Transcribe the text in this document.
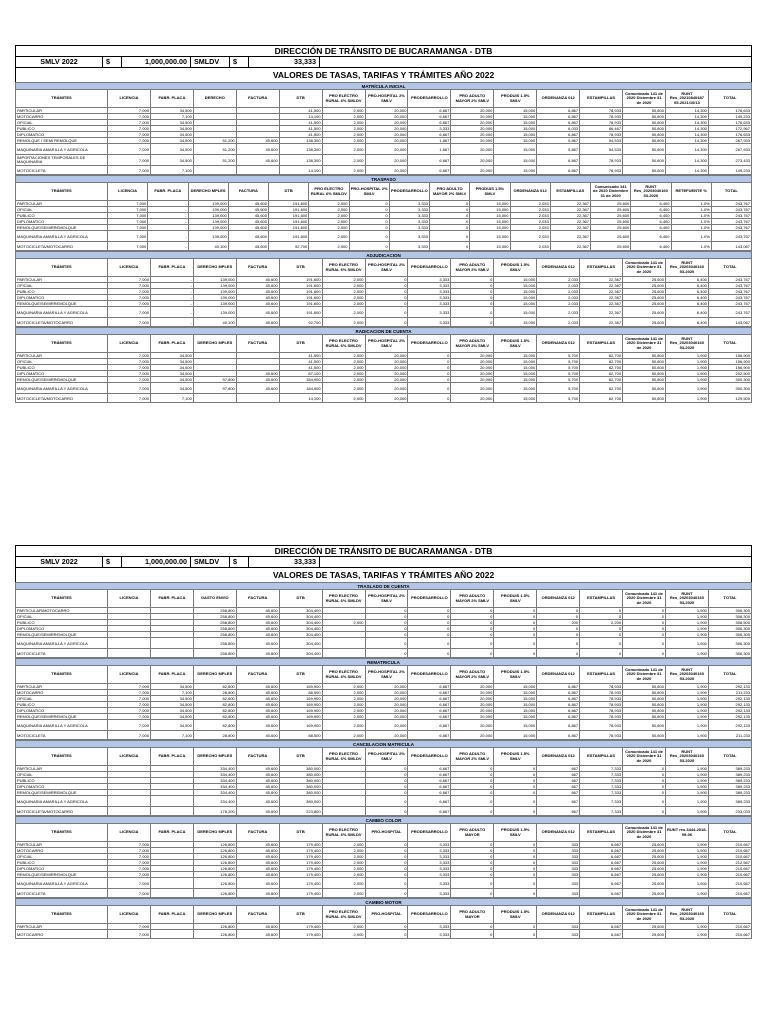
DIRECCIÓN DE TRÁNSITO DE BUCARAMANGA - DTB
SMLV 2022	$	1,000,000.00 SMLDV	$	33,333
VALORES DE TASAS, TARIFAS Y TRÁMITES AÑO 2022
MATRÍCULA INICIAL															
TRÁMITES	LICENCIA	FABR. PLACA	DERECHO	FACTURA	DTB	PRO ELECTRO RURAL 6% SMLDV	PRO-HOSPITAL 2% SMLV	PRODESARROLLO	PRO ADULTO MAYOR 2% SMLV	PRODUIS 1.5% SMLV	ORDENANZA 012	ESTAMPILLAS	Comunicado 141 de 2020 Diciembre 31 de 2020	RUNT Res_20210840487 05-2021/10/13	TOTAL
PARTICULAR	7,000	34,500			41,500	2,000	20,000	6,667	20,000	15,000	6,867	78,933	50,800	14,300	176,633
MOTOCARRO	7,000	7,100			14,100	2,000	20,000	6,667	20,000	15,000	6,867	78,933	50,800	14,300	149,233
OFICIAL	7,000	34,500			41,500	2,000	20,000	6,667	20,000	15,000	6,867	78,933	50,800	14,300	176,633
PUBLICO	7,000	34,500			41,500	2,000	20,000	3,333	20,000	15,000	6,033	66,467	50,800	14,300	172,967
DIPLOMATICO	7,000	34,500			41,500	2,000	20,000	6,667	20,000	15,000	6,867	78,933	50,800	14,300	176,633
REMOLQUE / SEMI REMOLQUE	7,000	34,500	51,200	45,600	138,300	2,000	20,000	1,667	20,000	15,000	5,867	54,533	50,800	14,300	267,933
MAQUINARIA AMARILLA Y AGRICOLA	7,000	34,500	51,200	45,600	138,300	2,000	20,000	1,667	20,000	15,000	5,867	54,533	50,800	14,300	267,933
IMPORTACIONES TEMPORALES DE MAQUINARIA	7,000	34,500	51,200	45,600	138,300	2,000	20,000	6,667	20,000	15,000	6,867	78,933	50,800	14,300	273,433
MOTOCICLETA	7,000	7,100			14,100	2,000	20,000	6,667	20,000	15,000	6,867	78,933	50,800	14,300	149,233
TRASPASO																
TRÁMITES	LICENCIA	FABR. PLACA	DERECHO MPLES	FACTURA	DTB	PRO ELECTRO RURAL 6% SMLDV	PRO-HOSPITAL 2% SMLV	PRODESARROLLO	PRO ADULTO MAYOR 2% SMLV	PRODUIS 1.5% SMLV	ORDENANZA 012	ESTAMPILLAS	Comunicado 141 de 2020 Diciembre 31 de 2020	RUNT Res_20203040160 53-2020	RETEFUENTE %	TOTAL
PARTICULAR	7,000	-	139,000	45,600	191,600	2,000	0	3,333	0	15,000	2,033	22,367	25,600	6,400	1.0%	243,767
OFICIAL	7,000	-	139,000	45,600	191,600	2,000	0	3,333	0	15,000	2,033	22,367	25,600	6,400	1.0%	243,767
PUBLICO	7,000	-	139,000	45,600	191,600	2,000	0	3,333	0	15,000	2,033	22,367	25,600	6,400	1.0%	243,767
DIPLOMATICO	7,000	-	139,000	45,600	191,600	2,000	0	3,333	0	15,000	2,033	22,367	25,600	6,400	1.0%	243,767
REMOLQUE/SEMIRREMOLQUE	7,000	-	139,000	45,600	191,600	2,000	0	3,333	0	15,000	2,033	22,367	25,600	6,400	1.0%	243,767
MAQUINARIA AMARILLA Y AGRICOLA	7,000	-	139,000	45,600	191,600	2,000	0	3,333	0	15,000	2,033	22,367	25,600	6,400	1.0%	243,767
MOTOCICLETA/MOTOCARRO	7,000	-	40,100	45,600	92,700	2,000	0	3,333	0	15,000	2,033	22,367	25,600	6,400	1.0%	143,067
ADJUDICACION															
TRÁMITES	LICENCIA	FABR. PLACA	DERECHO MPLES	FACTURA	DTB	PRO ELECTRO RURAL 6% SMLDV	PRO-HOSPITAL 2% SMLV	PRODESARROLLO	PRO ADULTO MAYOR 2% SMLV	PRODUIS 1.5% SMLV	ORDENANZA 012	ESTAMPILLAS	Comunicado 141 de 2020 Diciembre 31 de 2020	RUNT Res_20203040160 53-2020	TOTAL
PARTICULAR	7,000	-	139,000	45,600	191,600	2,000	0	3,333	0	15,000	2,033	22,367	25,600	6,400	243,767
OFICIAL	7,000	-	139,000	45,600	191,600	2,000	0	3,333	0	15,000	2,033	22,367	25,600	6,400	243,767
PUBLICO	7,000	-	139,000	45,600	191,600	2,000	0	3,333	0	15,000	2,033	22,367	25,600	6,400	243,767
DIPLOMATICO	7,000	-	139,000	45,600	191,600	2,000	0	3,333	0	15,000	2,033	22,367	25,600	6,400	243,767
REMOLQUE/SEMIRREMOLQUE	7,000	-	139,000	45,600	191,600	2,000	0	3,333	0	15,000	2,033	22,367	25,600	6,400	243,767
MAQUINARIA AMARILLA Y AGRICOLA	7,000	-	139,000	45,600	191,600	2,000	0	3,333	0	15,000	2,033	22,367	25,600	6,400	243,767
MOTOCICLETA/MOTOCARRO	7,000	-	40,100	45,600	92,700	2,000	0	3,333	0	15,000	2,033	22,367	25,600	6,400	143,067
RADICACION DE CUENTA															
TRÁMITES	LICENCIA	FABR. PLACA	DERECHO MPLES	FACTURA	DTB	PRO ELECTRO RURAL 6% SMLDV	PRO-HOSPITAL 2% SMLV	PRODESARROLLO	PRO ADULTO MAYOR 2% SMLV	PRODUIS 1.5% SMLV	ORDENANZA 012	ESTAMPILLAS	Comunicado 141 de 2020 Diciembre 31 de 2020	RUNT Res_20203040160 53-2020	TOTAL
PARTICULAR	7,000	34,500			41,500	2,000	20,000	0	20,000	15,000	5,700	62,700	50,800	1,900	156,900
OFICIAL	7,000	34,500			41,500	2,000	20,000	0	20,000	15,000	5,700	62,700	50,800	1,900	156,900
PUBLICO	7,000	34,500			41,500	2,000	20,000	0	20,000	15,000	5,700	62,700	50,800	1,900	156,900
DIPLOMATICO	7,000	34,500		45,600	87,100	2,000	20,000	0	20,000	15,000	5,700	62,700	50,800	1,900	202,500
REMOLQUE/SEMIRREMOLQUE	7,000	34,500	97,800	45,600	184,900	2,000	20,000	0	20,000	15,000	5,700	62,700	50,800	1,900	300,300
MAQUINARIA AMARILLA Y AGRICOLA	7,000	34,500	97,800	45,600	184,900	2,000	20,000	0	20,000	15,000	5,700	62,700	50,800	1,900	300,300
MOTOCICLETA/MOTOCARRO	7,000	7,100			14,100	2,000	20,000	0	20,000	15,000	5,700	62,700	50,800	1,900	129,500
DIRECCIÓN DE TRÁNSITO DE BUCARAMANGA - DTB
SMLV 2022	$	1,000,000.00 SMLDV	$	33,333
VALORES DE TASAS, TARIFAS Y TRÁMITES AÑO 2022
TRASLADO DE CUENTA															
TRÁMITES	LICENCIA	FABR. PLACA	GASTO ENVIO	FACTURA	DTB	PRO ELECTRO RURAL 6% SMLDV	PRO-HOSPITAL 2% SMLV	PRODESARROLLO	PRO ADULTO MAYOR 2% SMLV	PRODUIS 1.5% SMLV	ORDENANZA 012	ESTAMPILLAS	Comunicado 141 de 2020 Diciembre 31 de 2020	RUNT Res_20203040160 53-2020	TOTAL
PARTICULAR/MOTOCARRO			258,800	45,600	304,400		0	0	0	0	0	0	0	1,900	306,300
OFICIAL			258,800	45,600	304,400		0	0	0	0	0	0	0	1,900	306,300
PUBLICO			258,800	45,600	304,400	2,000	0	0	0	0	200	2,200	0	1,900	308,500
DIPLOMATICO			258,800	45,600	304,400		0	0	0	0	0	0	0	1,900	306,300
REMOLQUE/SEMIRREMOLQUE			258,800	45,600	304,400		0	0	0	0	0	0	0	1,900	306,300
MAQUINARIA AMARILLA Y AGRICOLA			258,800	45,600	304,400		0	0	0	0	0	0	0	1,900	306,300
MOTOCICLETA			258,800	45,600	304,400		0	0	0	0	0	0	0	1,900	306,300
REMATRICULA															
TRÁMITES	LICENCIA	FABR. PLACA	DERECHO MPLES	FACTURA	DTB	PRO ELECTRO RURAL 6% SMLDV	PRO-HOSPITAL 2% SMLV	PRODESARROLLO	PRO ADULTO MAYOR 2% SMLV	PRODUIS 1.5% SMLV	ORDENANZA 012	ESTAMPILLAS	Comunicado 141 de 2020 Diciembre 31 de 2020	RUNT Res_20203040160 53-2020	TOTAL
PARTICULAR	7,000	34,500	82,800	45,600	169,900	2,000	20,000	6,667	20,000	15,000	6,867	78,933	50,800	1,900	292,133
MOTOCARRO	7,000	7,100	28,800	45,600	88,500	2,000	20,000	6,667	20,000	15,000	6,867	78,933	50,800	1,900	211,233
OFICIAL	7,000	34,500	82,800	45,600	169,900	2,000	20,000	6,667	20,000	15,000	6,867	78,933	50,800	1,900	292,133
PUBLICO	7,000	34,500	82,800	45,600	169,900	2,000	20,000	6,667	20,000	15,000	6,867	78,933	50,800	1,900	292,133
DIPLOMATICO	7,000	34,500	82,800	45,600	169,900	2,000	20,000	6,667	20,000	15,000	6,867	78,933	50,800	1,900	292,133
REMOLQUE/SEMIRREMOLQUE	7,000	34,500	82,800	45,600	169,900	2,000	20,000	6,667	20,000	15,000	6,867	78,933	50,800	1,900	292,133
MAQUINARIA AMARILLA Y AGRICOLA	7,000	34,500	82,800	45,600	169,900	2,000	20,000	6,667	20,000	15,000	6,867	78,933	50,800	1,900	292,133
MOTOCICLETA	7,000	7,100	28,800	45,600	88,500	2,000	20,000	6,667	20,000	15,000	6,867	78,933	50,800	1,900	211,233
CANCELACION MATRICULA															
TRÁMITES	LICENCIA	FABR. PLACA	DERECHO MPLES	FACTURA	DTB	PRO ELECTRO RURAL 6% SMLDV	PRO-HOSPITAL 2% SMLV	PRODESARROLLO	PRO ADULTO MAYOR 2% SMLV	PRODUIS 1.5% SMLV	ORDENANZA 012	ESTAMPILLAS	Comunicado 141 de 2020 Diciembre 31 de 2020	RUNT Res_20203040160 53-2020	TOTAL
PARTICULAR			334,400	45,600	380,000		0	6,667	0	0	667	7,333	0	1,900	389,233
OFICIAL			334,400	45,600	380,000		0	6,667	0	0	667	7,333	0	1,900	389,233
PUBLICO			334,400	45,600	380,000		0	6,667	0	0	667	7,333	0	1,900	389,233
DIPLOMATICO			334,400	45,600	380,000		0	6,667	0	0	667	7,333	0	1,900	389,233
REMOLQUE/SEMIRREMOLQUE			334,400	45,600	380,000		0	6,667	0	0	667	7,333	0	1,900	389,233
MAQUINARIA AMARILLA Y AGRICOLA			334,400	45,600	380,000		0	6,667	0	0	667	7,333	0	1,900	389,233
MOTOCICLETA/MOTOCARRO			178,200	45,600	223,800		0	6,667	0	0	667	7,333	0	1,900	233,033
CAMBIO COLOR															
TRÁMITES	LICENCIA	FABR. PLACA	DERECHO MPLES	FACTURA	DTB	PRO ELECTRO RURAL 6% SMLDV	PRO-HOSPITAL	PRODESARROLLO	PRO ADULTO MAYOR	PRODUIS 1.5% SMLV	ORDENANZA 012	ESTAMPILLAS	Comunicado 141 de 2020 Diciembre 31 de 2020	RUNT res.3444-2018-09-06	TOTAL
PARTICULAR	7,000		126,800	45,600	179,400	2,000	0	3,333	0	0	333	6,667	25,600	1,900	210,667
MOTOCARRO	7,000		126,800	45,600	179,400	2,000	0	3,333	0	0	333	6,667	25,600	1,900	210,667
OFICIAL	7,000		126,800	45,600	179,400	2,000	0	3,333	0	0	333	6,667	25,600	1,900	210,667
PUBLICO	7,000		126,800	45,600	179,400	2,000	0	3,333	0	0	333	6,667	25,600	1,900	212,567
DIPLOMATICO	7,000		126,800	45,600	179,400	2,000	0	3,333	0	0	333	6,667	25,600	1,900	210,667
REMOLQUE/SEMIRREMOLQUE	7,000		126,800	45,600	179,400	2,000	0	3,333	0	0	333	6,667	25,600	1,900	210,667
MAQUINARIA AMARILLA Y AGRICOLA	7,000		126,800	45,600	179,400	2,000	0	3,333	0	0	333	6,667	25,600	1,900	210,667
MOTOCICLETA	7,000		126,800	45,600	179,400	2,000	0	3,333	0	0	333	6,667	25,600	1,900	210,667
CAMBIO MOTOR															
TRÁMITES	LICENCIA	FABR. PLACA	DERECHO MPLES	FACTURA	DTB	PRO ELECTRO RURAL 6% SMLDV	PRO-HOSPITAL	PRODESARROLLO	PRO ADULTO MAYOR	PRODUIS 1.5% SMLV	ORDENANZA 012	ESTAMPILLAS	Comunicado 141 de 2020 Diciembre 31 de 2020	RUNT Res_20203040160 53-2020	TOTAL
PARTICULAR	7,000		126,800	45,600	179,400	2,000	0	3,333	0	0	333	6,667	25,600	1,900	210,667
MOTOCARRO	7,000		126,800	45,600	179,400	2,000	0	3,333	0	0	333	6,667	25,600	1,900	210,667
